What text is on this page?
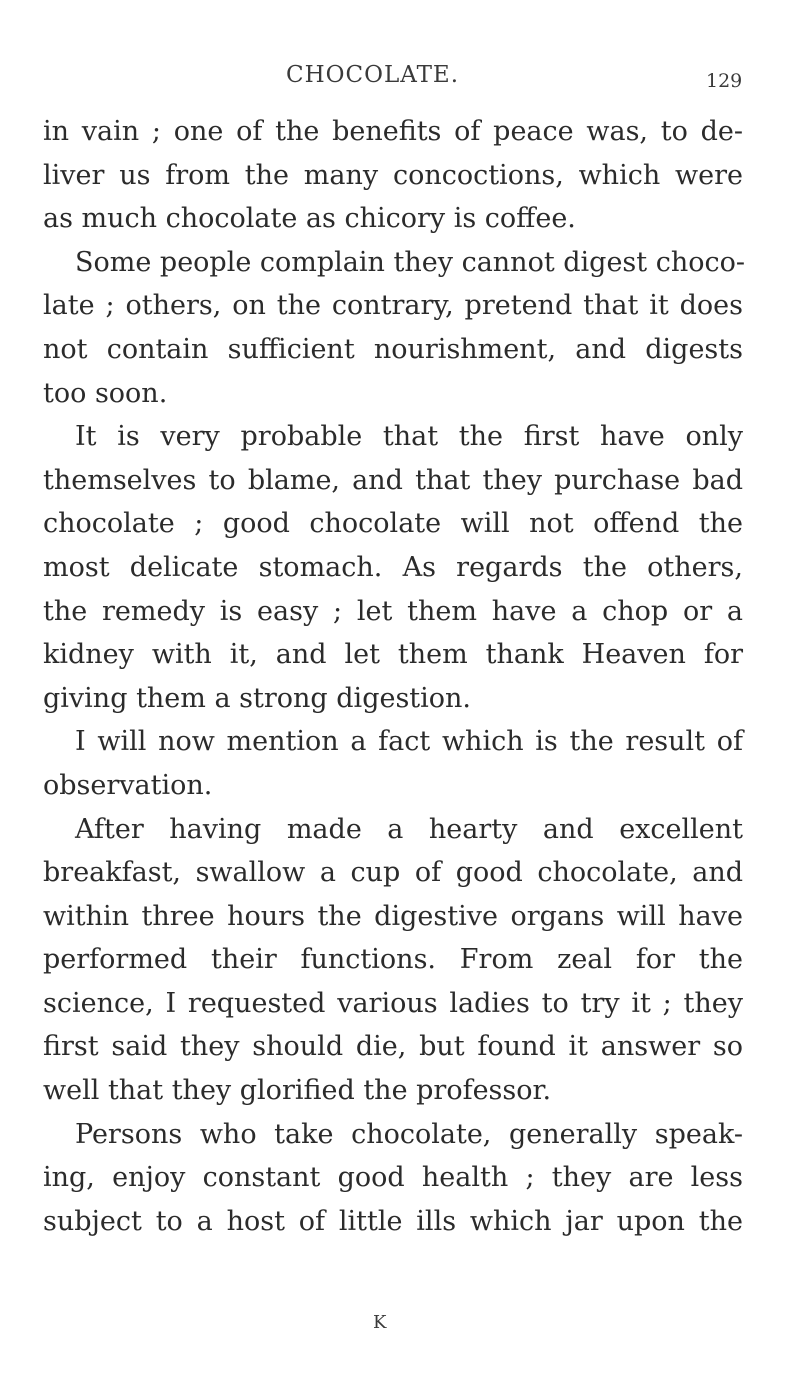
CHOCOLATE.	129
in vain ; one of the benefits of peace was, to de-
liver us from the many concoctions, which were
as much chocolate as chicory is coffee.
Some people complain they cannot digest choco-
late ; others, on the contrary, pretend that it does
not contain sufficient nourishment, and digests
too soon.
It is very probable that the first have only
themselves to blame, and that they purchase bad
chocolate ; good chocolate will not offend the
most delicate stomach. As regards the others,
the remedy is easy ; let them have a chop or a
kidney with it, and let them thank Heaven for
giving them a strong digestion.
I will now mention a fact which is the result of
observation.
After having made a hearty and excellent
breakfast, swallow a cup of good chocolate, and
within three hours the digestive organs will have
performed their functions. From zeal for the
science, I requested various ladies to try it ; they
first said they should die, but found it answer so
well that they glorified the professor.
Persons who take chocolate, generally speak-
ing, enjoy constant good health ; they are less
subject to a host of little ills which jar upon the
K
